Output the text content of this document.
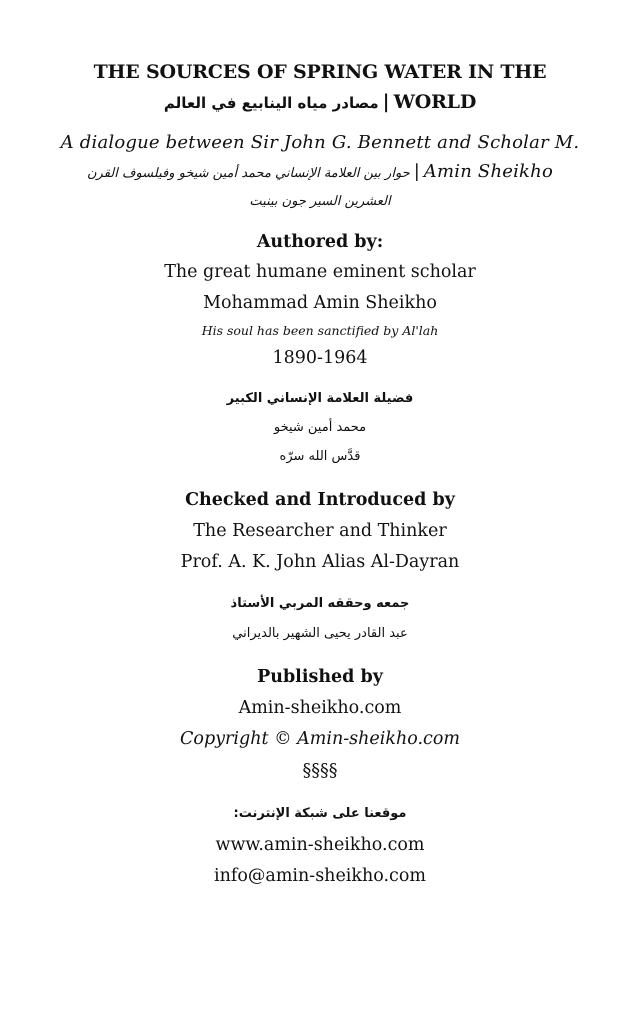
THE SOURCES OF SPRING WATER IN THE
مصادر مياه الينابيع في العالم | WORLD
A dialogue between Sir John G. Bennett and Scholar M.
حوار بين العلامة الإنساني محمد أمين شيخو وفيلسوف القرن | Amin Sheikho
العشرين السير جون بينيت
Authored by:
The great humane eminent scholar
Mohammad Amin Sheikho
His soul has been sanctified by Al'lah
1890-1964
فضيلة العلامة الإنساني الكبير
محمد أمين شيخو
قدَّس الله سرّه
Checked and Introduced by
The Researcher and Thinker
Prof. A. K. John Alias Al-Dayran
جمعه وحققه المربي الأستاذ
عبد القادر يحيى الشهير بالديراني
Published by
Amin-sheikho.com
Copyright © Amin-sheikho.com
§§§§
موقعنا على شبكة الإنترنت:
www.amin-sheikho.com
info@amin-sheikho.com
